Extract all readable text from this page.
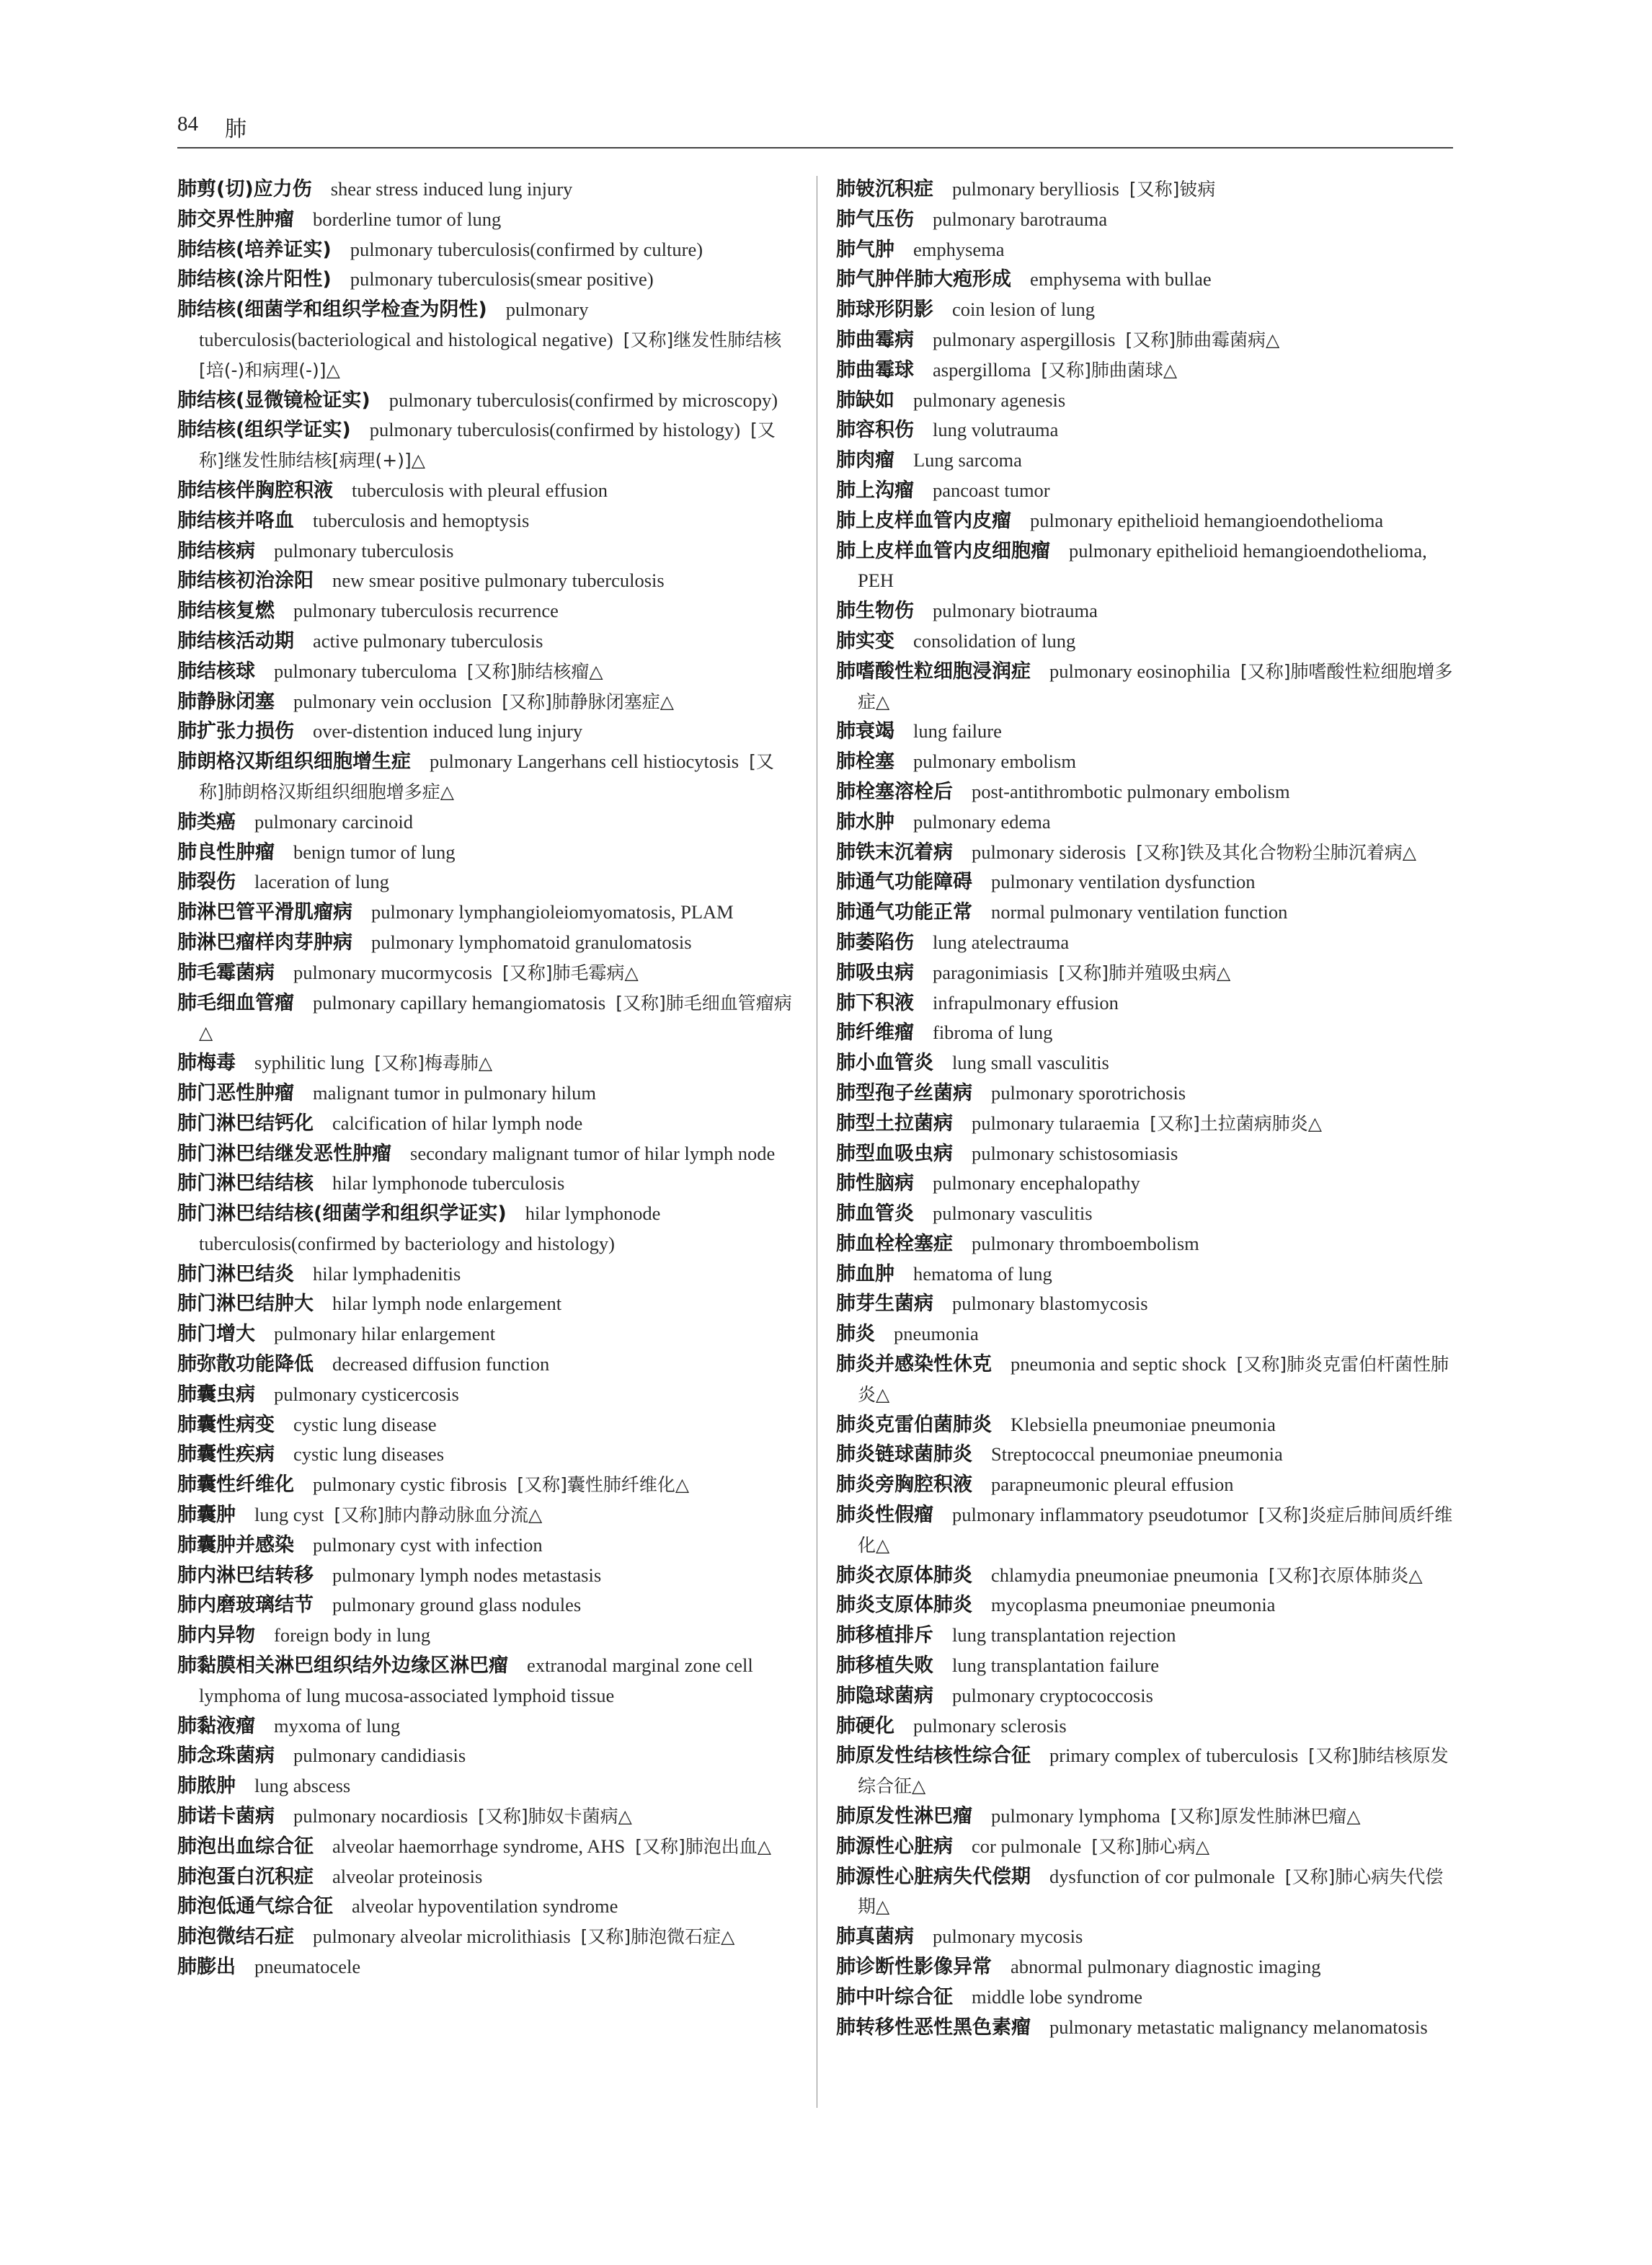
84 肺

肺剪(切)应力伤 shear stress induced lung injury

肺交界性肿瘤 borderline tumor of lung

肺结核(培养证实) pulmonary tuberculosis(confirmed by culture)

肺结核(涂片阳性) pulmonary tuberculosis(smear positive)

肺结核(细菌学和组织学检查为阴性) pulmonary tuberculosis(bacteriological and histological negative) [又称]继发性肺结核[培(-)和病理(-)]△

肺结核(显微镜检证实) pulmonary tuberculosis(confirmed by microscopy)

肺结核(组织学证实) pulmonary tuberculosis(confirmed by histology) [又称]继发性肺结核[病理(+)]△

肺结核伴胸腔积液 tuberculosis with pleural effusion

肺结核并咯血 tuberculosis and hemoptysis

肺结核病 pulmonary tuberculosis

肺结核初治涂阳 new smear positive pulmonary tuberculosis

肺结核复燃 pulmonary tuberculosis recurrence

肺结核活动期 active pulmonary tuberculosis

肺结核球 pulmonary tuberculoma [又称]肺结核瘤△

肺静脉闭塞 pulmonary vein occlusion [又称]肺静脉闭塞症△

肺扩张力损伤 over-distention induced lung injury

肺朗格汉斯组织细胞增生症 pulmonary Langerhans cell histiocytosis [又称]肺朗格汉斯组织细胞增多症△

肺类癌 pulmonary carcinoid

肺良性肿瘤 benign tumor of lung

肺裂伤 laceration of lung

肺淋巴管平滑肌瘤病 pulmonary lymphangioleiomyomatosis, PLAM

肺淋巴瘤样肉芽肿病 pulmonary lymphomatoid granulomatosis

肺毛霉菌病 pulmonary mucormycosis [又称]肺毛霉病△

肺毛细血管瘤 pulmonary capillary hemangiomatosis [又称]肺毛细血管瘤病△

肺梅毒 syphilitic lung [又称]梅毒肺△

肺门恶性肿瘤 malignant tumor in pulmonary hilum

肺门淋巴结钙化 calcification of hilar lymph node

肺门淋巴结继发恶性肿瘤 secondary malignant tumor of hilar lymph node

肺门淋巴结结核 hilar lymphonode tuberculosis

肺门淋巴结结核(细菌学和组织学证实) hilar lymphonode tuberculosis(confirmed by bacteriology and histology)

肺门淋巴结炎 hilar lymphadenitis

肺门淋巴结肿大 hilar lymph node enlargement

肺门增大 pulmonary hilar enlargement

肺弥散功能降低 decreased diffusion function

肺囊虫病 pulmonary cysticercosis

肺囊性病变 cystic lung disease

肺囊性疾病 cystic lung diseases

肺囊性纤维化 pulmonary cystic fibrosis [又称]囊性肺纤维化△

肺囊肿 lung cyst [又称]肺内静动脉血分流△

肺囊肿并感染 pulmonary cyst with infection

肺内淋巴结转移 pulmonary lymph nodes metastasis

肺内磨玻璃结节 pulmonary ground glass nodules

肺内异物 foreign body in lung

肺黏膜相关淋巴组织结外边缘区淋巴瘤 extranodal marginal zone cell lymphoma of lung mucosa-associated lymphoid tissue

肺黏液瘤 myxoma of lung

肺念珠菌病 pulmonary candidiasis

肺脓肿 lung abscess

肺诺卡菌病 pulmonary nocardiosis [又称]肺奴卡菌病△

肺泡出血综合征 alveolar haemorrhage syndrome, AHS [又称]肺泡出血△

肺泡蛋白沉积症 alveolar proteinosis

肺泡低通气综合征 alveolar hypoventilation syndrome

肺泡微结石症 pulmonary alveolar microlithiasis [又称]肺泡微石症△

肺膨出 pneumatocele

肺铍沉积症 pulmonary berylliosis [又称]铍病

肺气压伤 pulmonary barotrauma

肺气肿 emphysema

肺气肿伴肺大疱形成 emphysema with bullae

肺球形阴影 coin lesion of lung

肺曲霉病 pulmonary aspergillosis [又称]肺曲霉菌病△

肺曲霉球 aspergilloma [又称]肺曲菌球△

肺缺如 pulmonary agenesis

肺容积伤 lung volutrauma

肺肉瘤 Lung sarcoma

肺上沟瘤 pancoast tumor

肺上皮样血管内皮瘤 pulmonary epithelioid hemangioendothelioma

肺上皮样血管内皮细胞瘤 pulmonary epithelioid hemangioendothelioma, PEH

肺生物伤 pulmonary biotrauma

肺实变 consolidation of lung

肺嗜酸性粒细胞浸润症 pulmonary eosinophilia [又称]肺嗜酸性粒细胞增多症△

肺衰竭 lung failure

肺栓塞 pulmonary embolism

肺栓塞溶栓后 post-antithrombotic pulmonary embolism

肺水肿 pulmonary edema

肺铁末沉着病 pulmonary siderosis [又称]铁及其化合物粉尘肺沉着病△

肺通气功能障碍 pulmonary ventilation dysfunction

肺通气功能正常 normal pulmonary ventilation function

肺萎陷伤 lung atelectrauma

肺吸虫病 paragonimiasis [又称]肺并殖吸虫病△

肺下积液 infrapulmonary effusion

肺纤维瘤 fibroma of lung

肺小血管炎 lung small vasculitis

肺型孢子丝菌病 pulmonary sporotrichosis

肺型土拉菌病 pulmonary tularaemia [又称]土拉菌病肺炎△

肺型血吸虫病 pulmonary schistosomiasis

肺性脑病 pulmonary encephalopathy

肺血管炎 pulmonary vasculitis

肺血栓栓塞症 pulmonary thromboembolism

肺血肿 hematoma of lung

肺芽生菌病 pulmonary blastomycosis

肺炎 pneumonia

肺炎并感染性休克 pneumonia and septic shock [又称]肺炎克雷伯杆菌性肺炎△

肺炎克雷伯菌肺炎 Klebsiella pneumoniae pneumonia

肺炎链球菌肺炎 Streptococcal pneumoniae pneumonia

肺炎旁胸腔积液 parapneumonic pleural effusion

肺炎性假瘤 pulmonary inflammatory pseudotumor [又称]炎症后肺间质纤维化△

肺炎衣原体肺炎 chlamydia pneumoniae pneumonia [又称]衣原体肺炎△

肺炎支原体肺炎 mycoplasma pneumoniae pneumonia

肺移植排斥 lung transplantation rejection

肺移植失败 lung transplantation failure

肺隐球菌病 pulmonary cryptococcosis

肺硬化 pulmonary sclerosis

肺原发性结核性综合征 primary complex of tuberculosis [又称]肺结核原发综合征△

肺原发性淋巴瘤 pulmonary lymphoma [又称]原发性肺淋巴瘤△

肺源性心脏病 cor pulmonale [又称]肺心病△

肺源性心脏病失代偿期 dysfunction of cor pulmonale [又称]肺心病失代偿期△

肺真菌病 pulmonary mycosis

肺诊断性影像异常 abnormal pulmonary diagnostic imaging

肺中叶综合征 middle lobe syndrome

肺转移性恶性黑色素瘤 pulmonary metastatic malignancy melanomatosis
